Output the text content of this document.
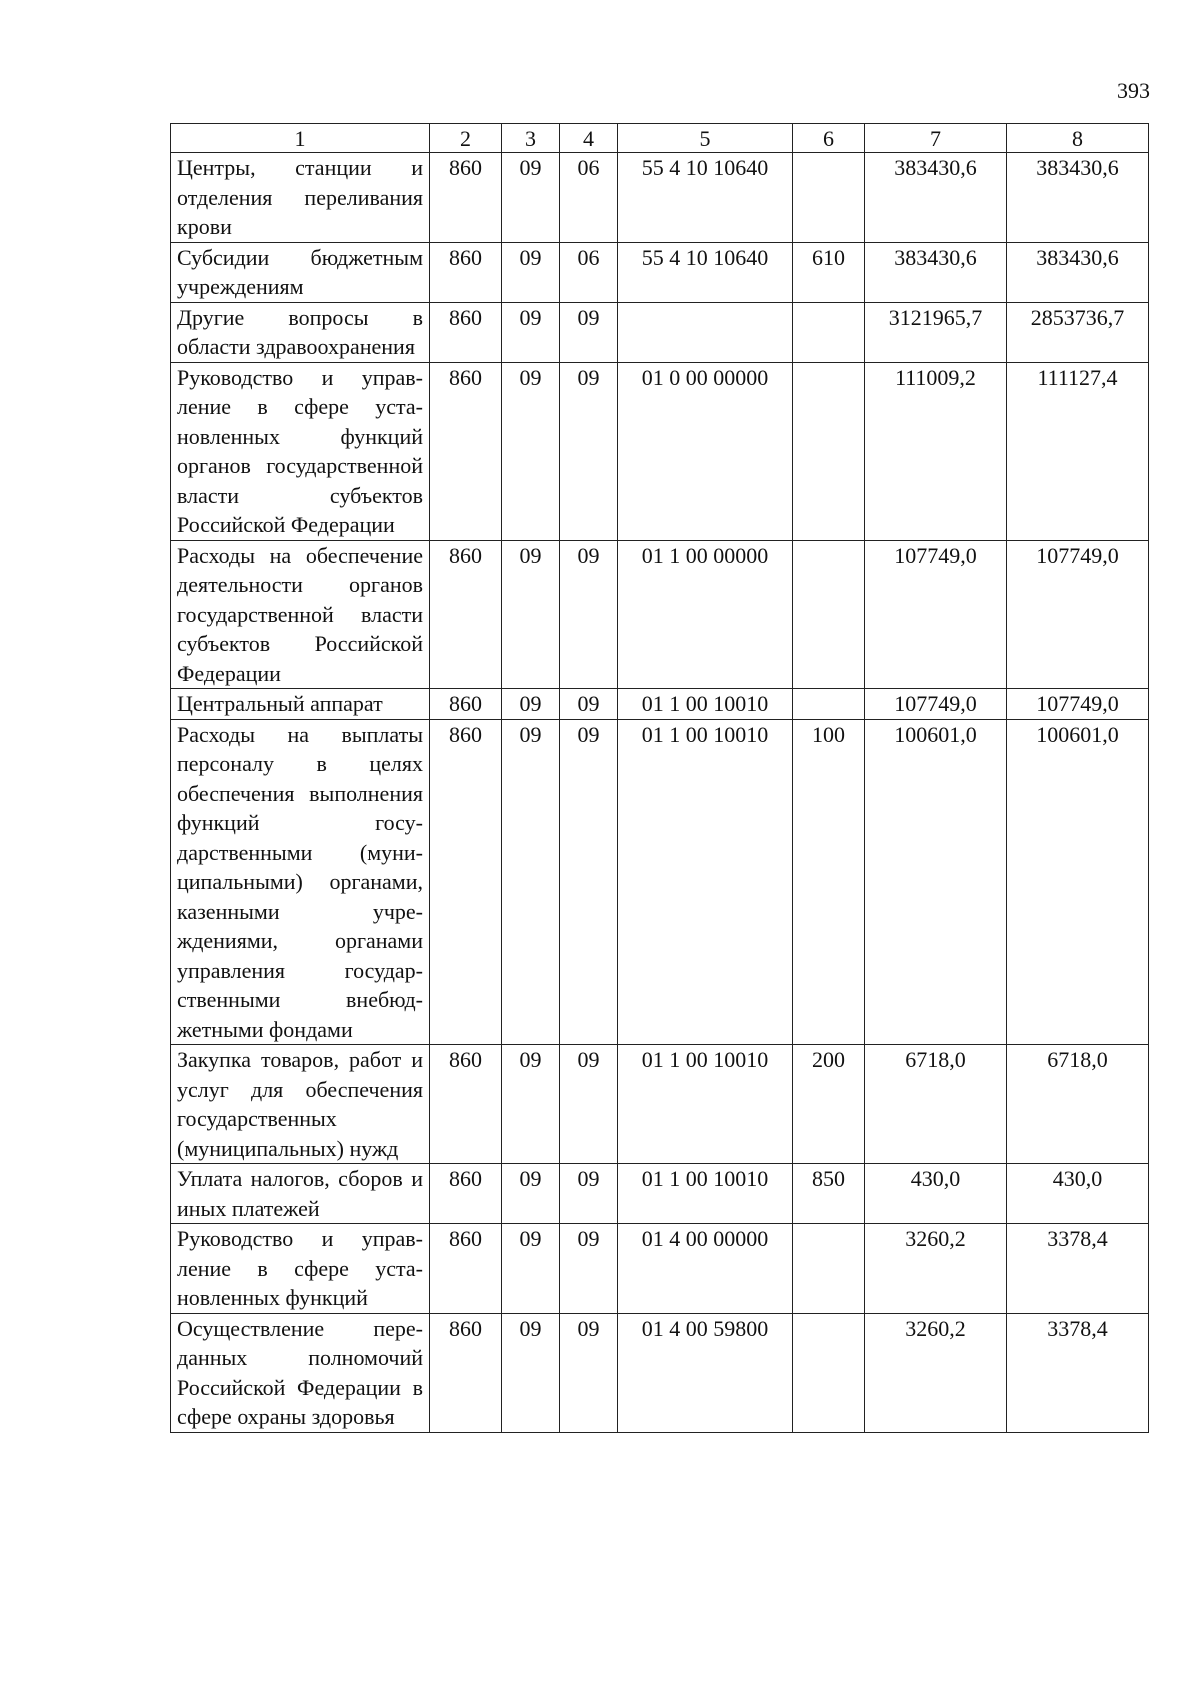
393
1	2	3	4	5	6	7	8
Центры, станции и отделения переливания крови	860	09	06	55 4 10 10640		383430,6	383430,6
Субсидии бюджетным учреждениям	860	09	06	55 4 10 10640	610	383430,6	383430,6
Другие вопросы в области здравоохранения	860	09	09			3121965,7	2853736,7
Руководство и управление в сфере установленных функций органов государственной власти субъектов Российской Федерации	860	09	09	01 0 00 00000		111009,2	111127,4
Расходы на обеспечение деятельности органов государственной власти субъектов Российской Федерации	860	09	09	01 1 00 00000		107749,0	107749,0
Центральный аппарат	860	09	09	01 1 00 10010		107749,0	107749,0
Расходы на выплаты персоналу в целях обеспечения выполнения функций государственными (муниципальными) органами, казенными учреждениями, органами управления государственными внебюджетными фондами	860	09	09	01 1 00 10010	100	100601,0	100601,0
Закупка товаров, работ и услуг для обеспечения государственных (муниципальных) нужд	860	09	09	01 1 00 10010	200	6718,0	6718,0
Уплата налогов, сборов и иных платежей	860	09	09	01 1 00 10010	850	430,0	430,0
Руководство и управление в сфере установленных функций	860	09	09	01 4 00 00000		3260,2	3378,4
Осуществление переданных полномочий Российской Федерации в сфере охраны здоровья	860	09	09	01 4 00 59800		3260,2	3378,4
